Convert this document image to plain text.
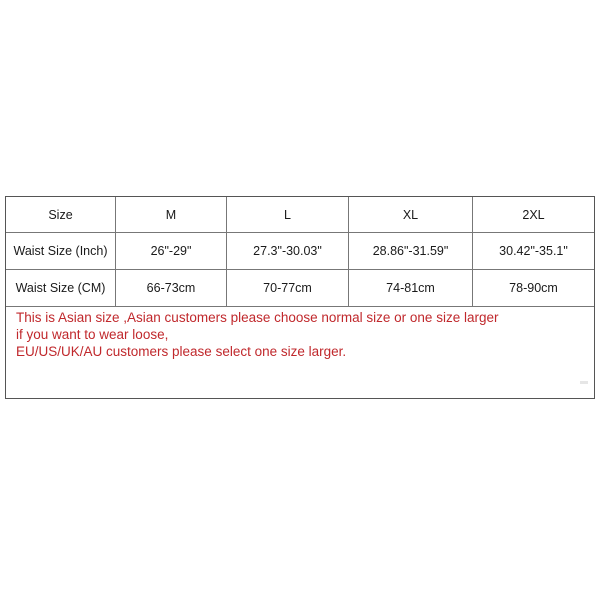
Size	M	L	XL	2XL
Waist Size (Inch)	26"-29"	27.3"-30.03"	28.86"-31.59"	30.42"-35.1"
Waist Size (CM)	66-73cm	70-77cm	74-81cm	78-90cm
This is Asian size ,Asian customers please choose normal size or one size larger
if you want to wear loose,
EU/US/UK/AU customers please select one size larger.
